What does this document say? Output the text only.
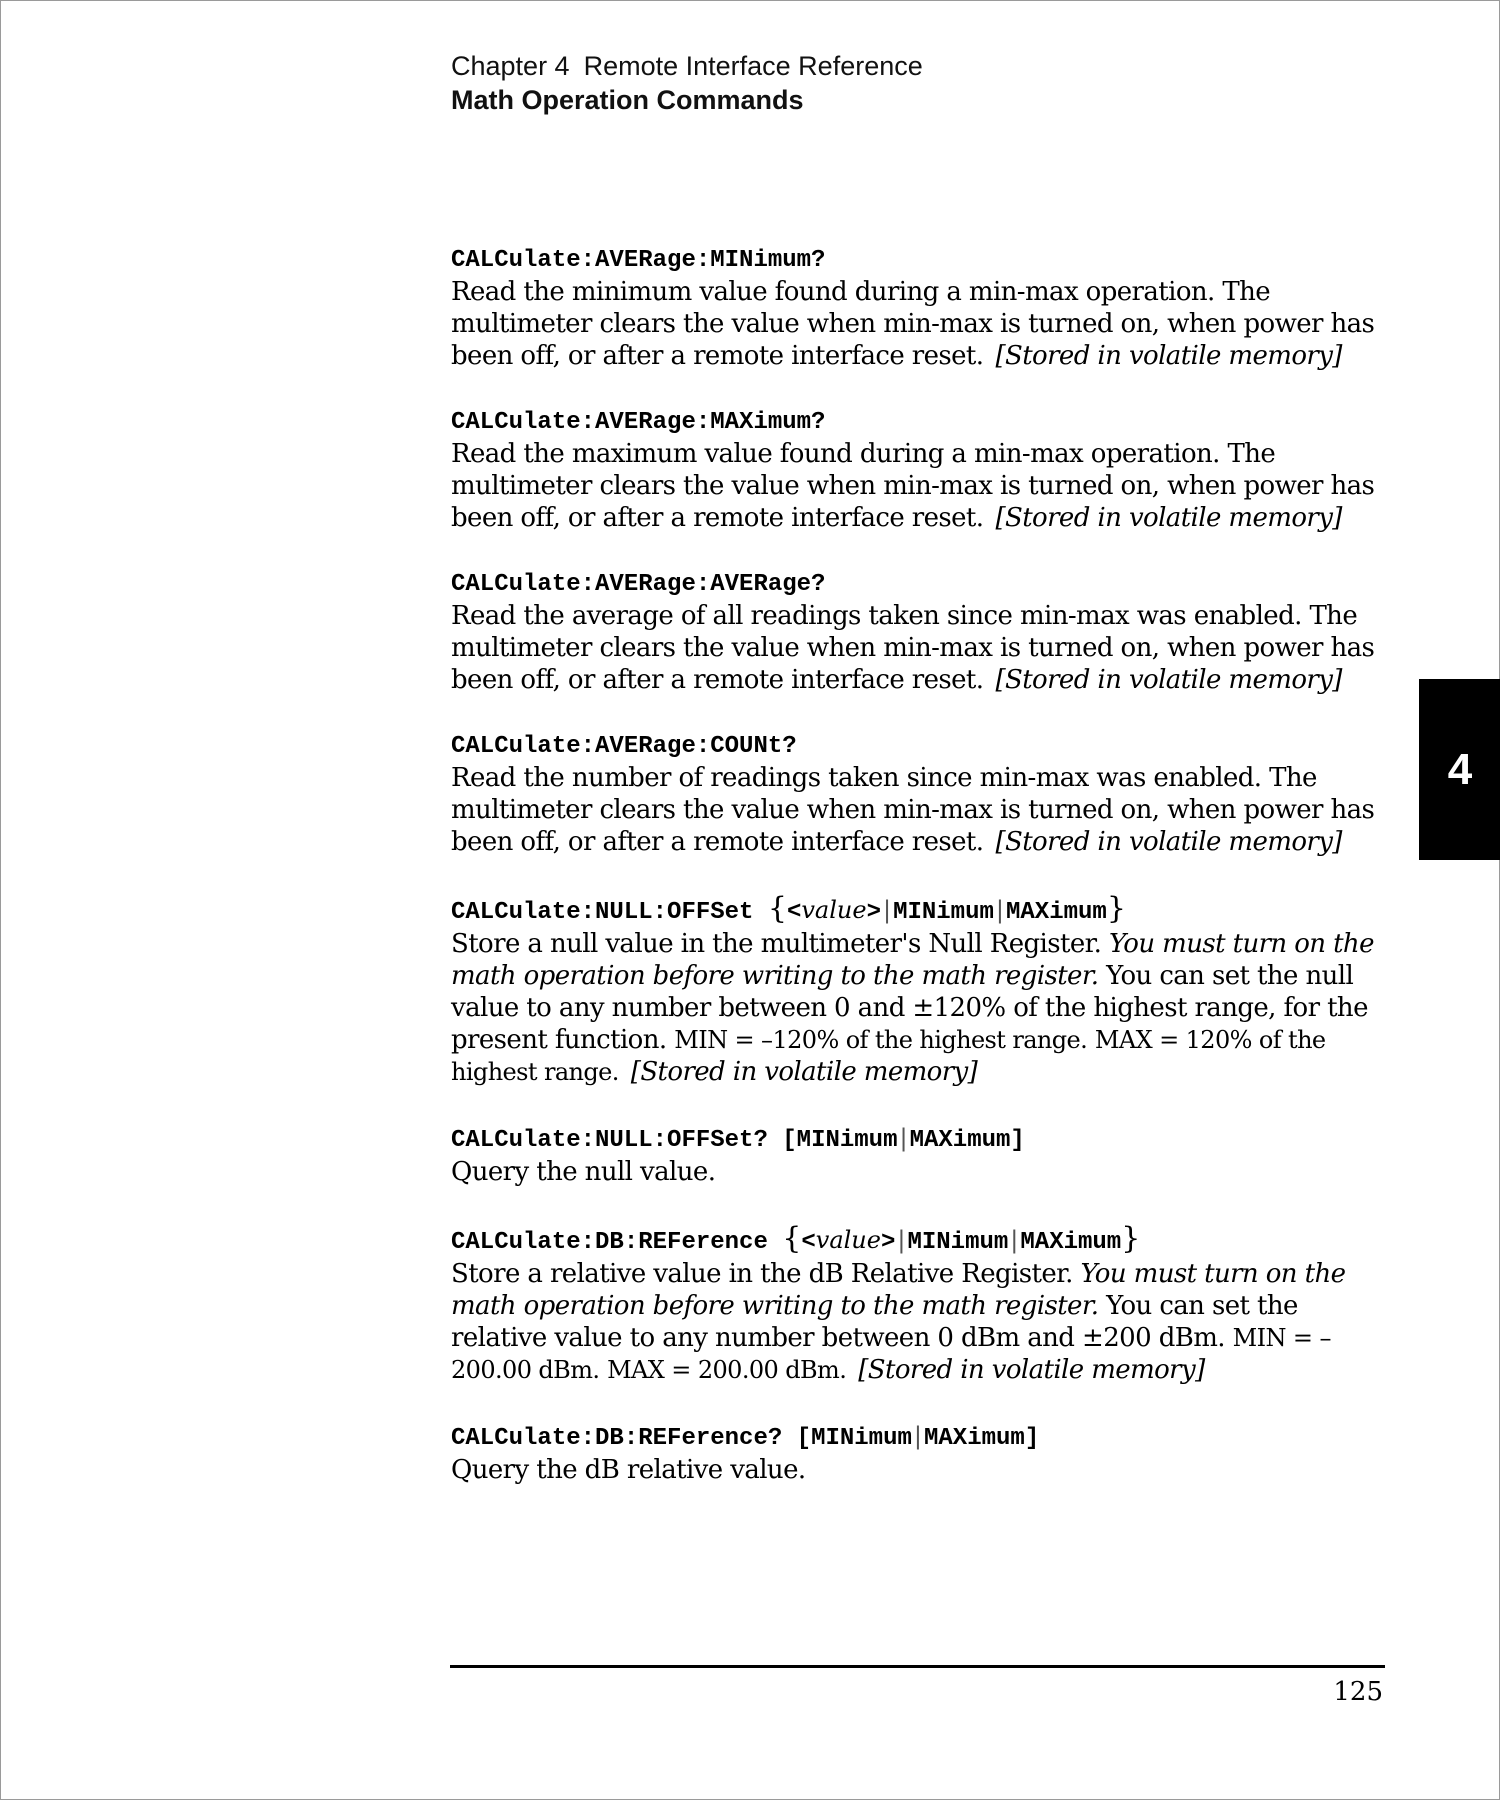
Chapter 4 Remote Interface Reference

Math Operation Commands

CALCulate:AVERage:MINimum?

Read the minimum value found during a min-max operation. The multimeter clears the value when min-max is turned on, when power has been off, or after a remote interface reset. [Stored in volatile memory]

CALCulate:AVERage:MAXimum?

Read the maximum value found during a min-max operation. The multimeter clears the value when min-max is turned on, when power has been off, or after a remote interface reset. [Stored in volatile memory]

CALCulate:AVERage:AVERage?

Read the average of all readings taken since min-max was enabled. The multimeter clears the value when min-max is turned on, when power has been off, or after a remote interface reset. [Stored in volatile memory]

CALCulate:AVERage:COUNt?

Read the number of readings taken since min-max was enabled. The multimeter clears the value when min-max is turned on, when power has been off, or after a remote interface reset. [Stored in volatile memory]

CALCulate:NULL:OFFSet {<value>|MINimum|MAXimum}

Store a null value in the multimeter's Null Register. You must turn on the math operation before writing to the math register. You can set the null value to any number between 0 and ±120% of the highest range, for the present function. MIN = –120% of the highest range. MAX = 120% of the highest range. [Stored in volatile memory]

CALCulate:NULL:OFFSet? [MINimum|MAXimum]

Query the null value.

CALCulate:DB:REFerence {<value>|MINimum|MAXimum}

Store a relative value in the dB Relative Register. You must turn on the math operation before writing to the math register. You can set the relative value to any number between 0 dBm and ±200 dBm. MIN = –200.00 dBm. MAX = 200.00 dBm. [Stored in volatile memory]

CALCulate:DB:REFerence? [MINimum|MAXimum]

Query the dB relative value.

4
125
